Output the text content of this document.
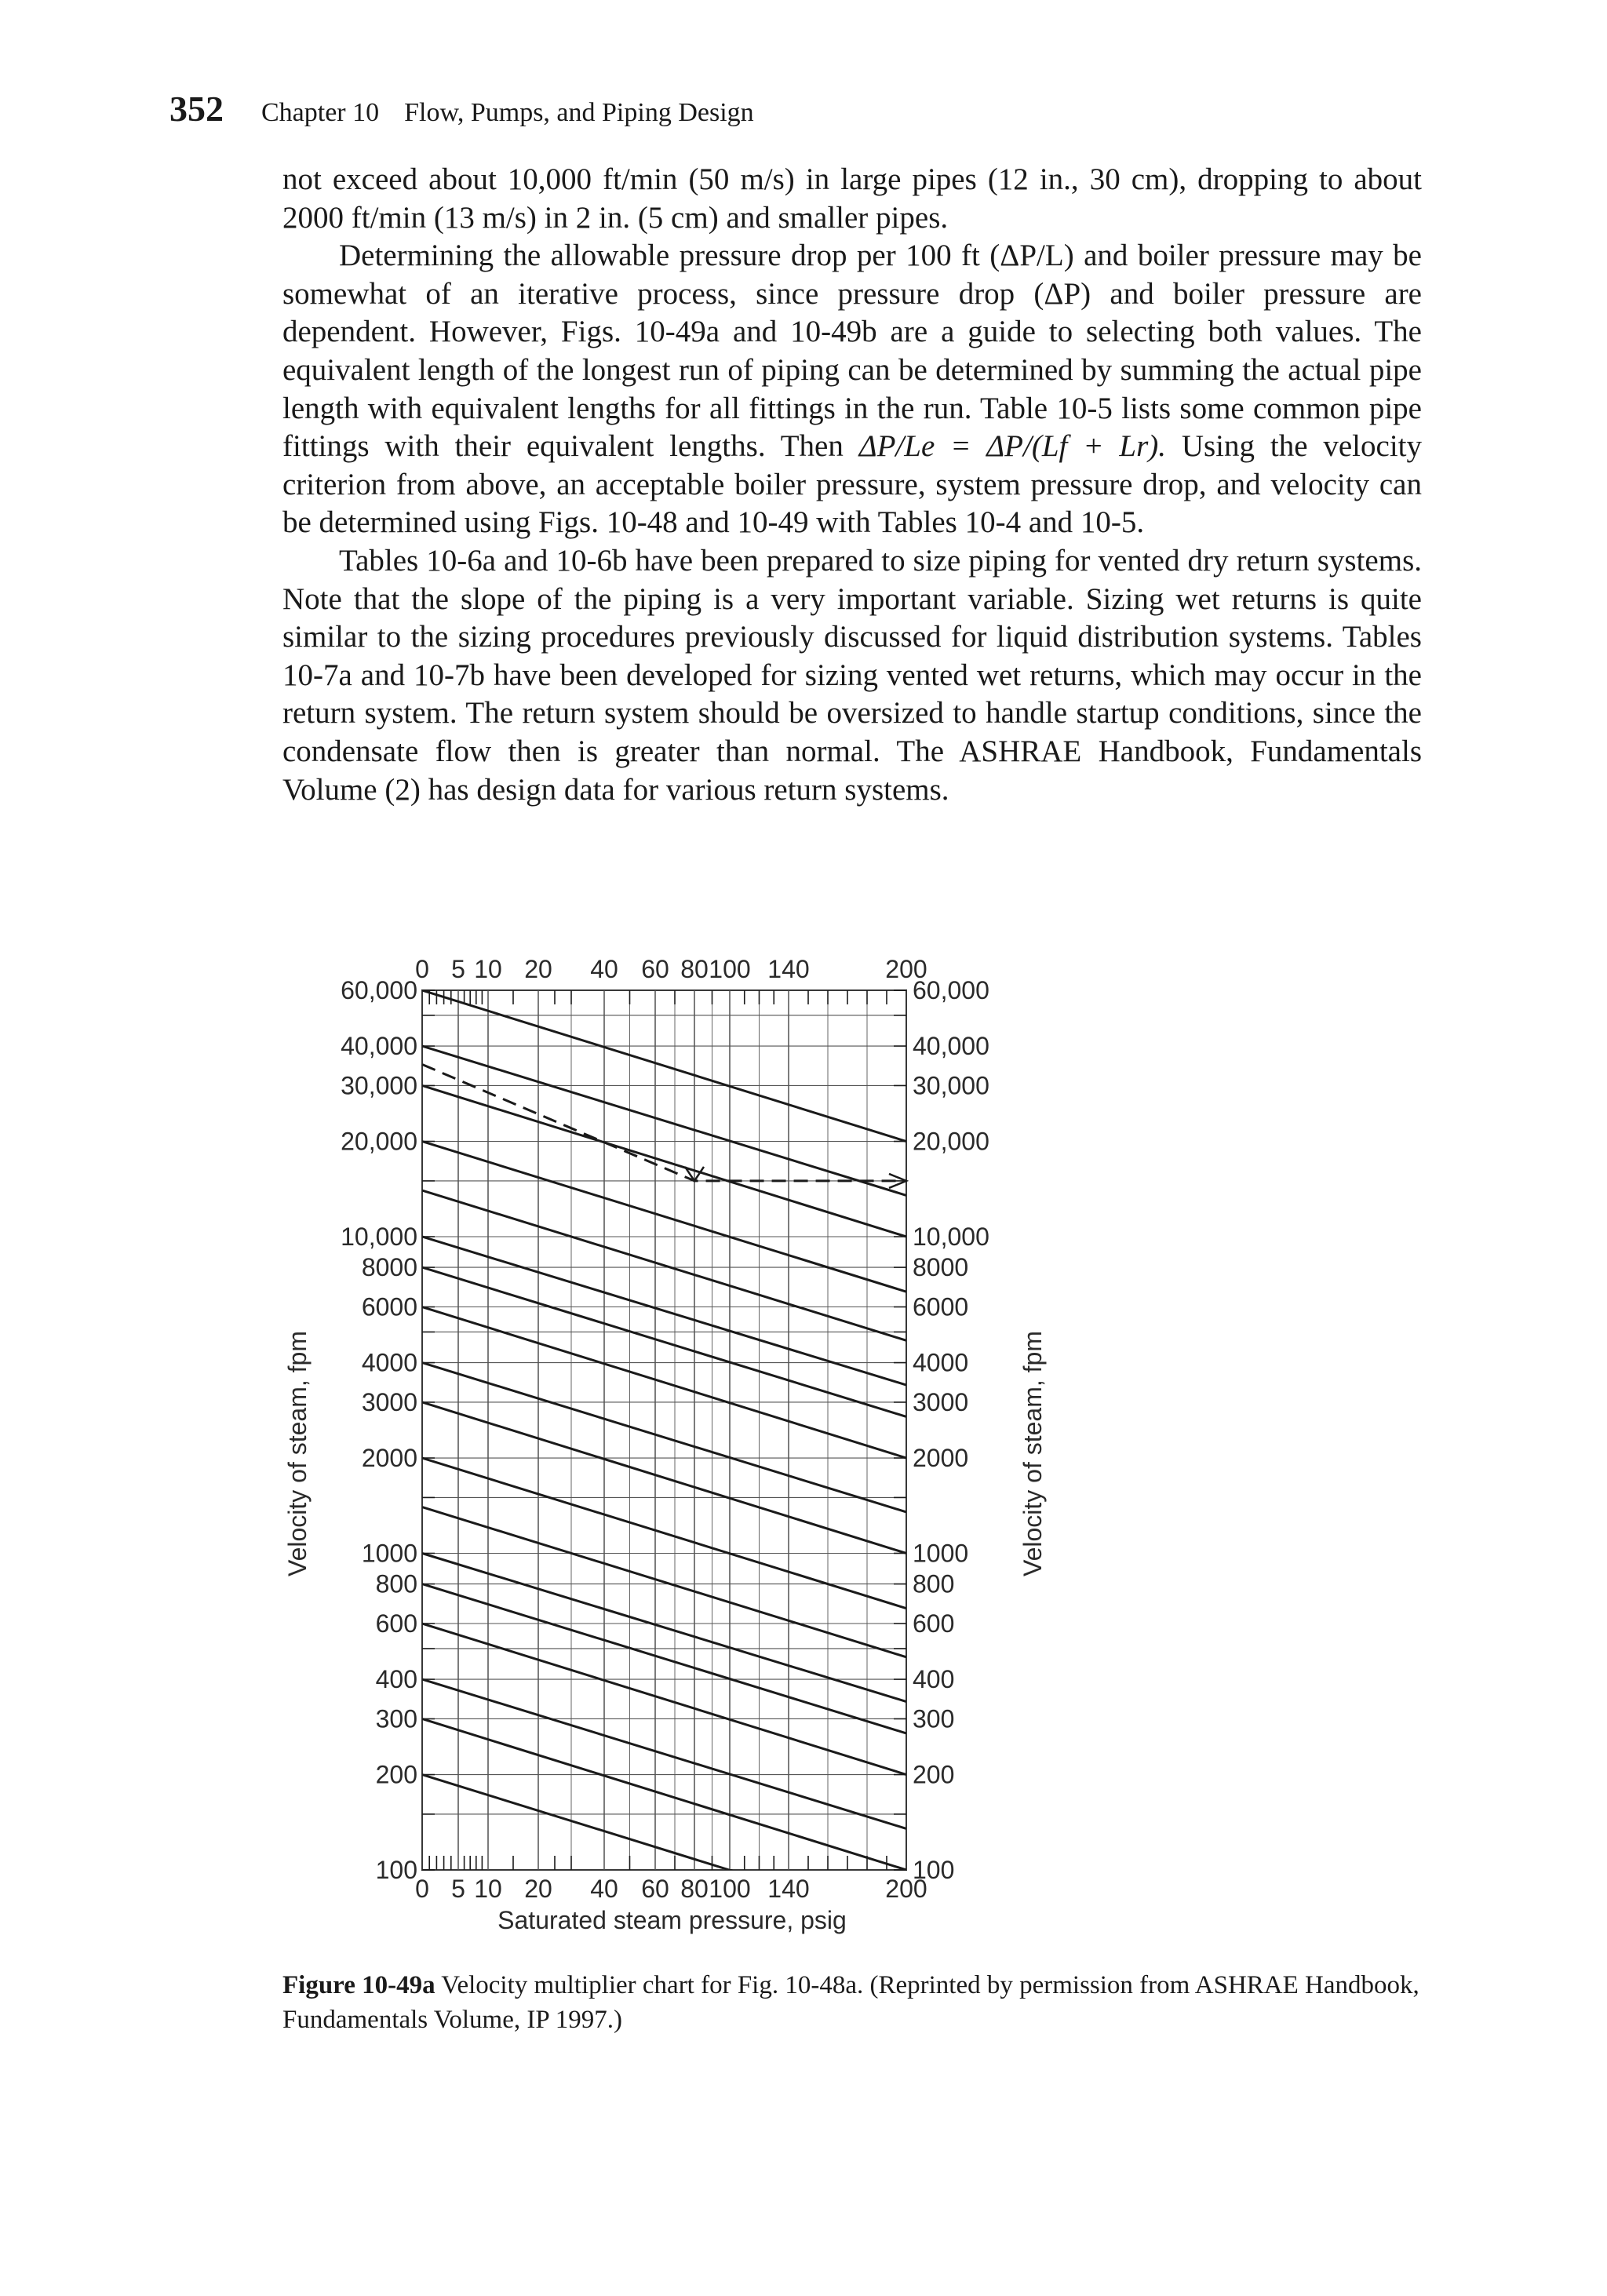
352 Chapter 10 Flow, Pumps, and Piping Design

not exceed about 10,000 ft/min (50 m/s) in large pipes (12 in., 30 cm), dropping to about 2000 ft/min (13 m/s) in 2 in. (5 cm) and smaller pipes.

Determining the allowable pressure drop per 100 ft (ΔP/L) and boiler pressure may be somewhat of an iterative process, since pressure drop (ΔP) and boiler pressure are dependent. However, Figs. 10-49a and 10-49b are a guide to selecting both values. The equivalent length of the longest run of piping can be determined by summing the actual pipe length with equivalent lengths for all fittings in the run. Table 10-5 lists some common pipe fittings with their equivalent lengths. Then ΔP/Le = ΔP/(Lf + Lr). Using the velocity criterion from above, an acceptable boiler pressure, system pressure drop, and velocity can be determined using Figs. 10-48 and 10-49 with Tables 10-4 and 10-5.

Tables 10-6a and 10-6b have been prepared to size piping for vented dry return systems. Note that the slope of the piping is a very important variable. Sizing wet returns is quite similar to the sizing procedures previously discussed for liquid distribution systems. Tables 10-7a and 10-7b have been developed for sizing vented wet returns, which may occur in the return system. The return system should be oversized to handle startup conditions, since the condensate flow then is greater than normal. The ASHRAE Handbook, Fundamentals Volume (2) has design data for various return systems.

0
0
5
5
10
10
20
20
40
40
60
60
80
80
100
100
140
140
200
200
60,000	60,000
40,000	40,000
30,000	30,000
20,000	20,000
10,000	10,000
8000	8000
6000	6000
4000	4000
3000	3000
2000	2000
1000	1000
800	800
600	600
400	400
300	300
200	200
100	100
Saturated steam pressure, psig
Velocity of steam, fpm	Velocity of steam, fpm
Figure 10-49a Velocity multiplier chart for Fig. 10-48a. (Reprinted by permission from ASHRAE Handbook, Fundamentals Volume, IP 1997.)
